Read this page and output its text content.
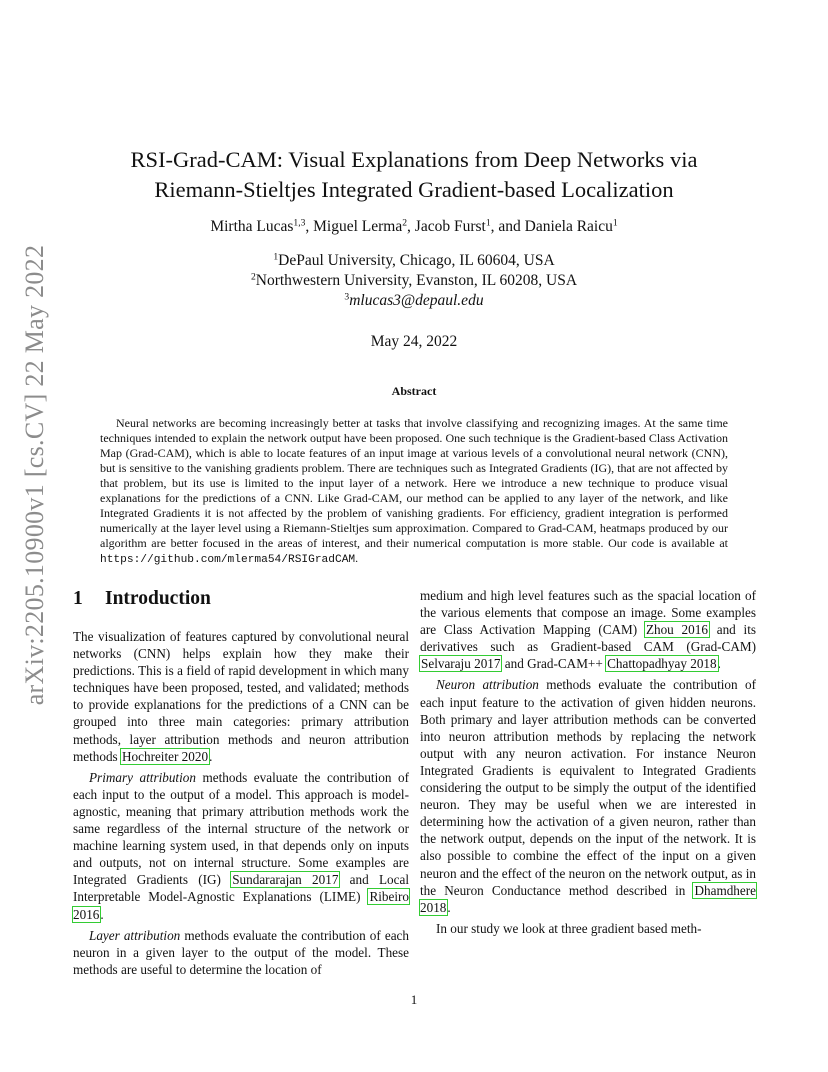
arXiv:2205.10900v1 [cs.CV] 22 May 2022
RSI-Grad-CAM: Visual Explanations from Deep Networks via
Riemann-Stieltjes Integrated Gradient-based Localization
Mirtha Lucas$^{1,3}$, Miguel Lerma$^2$, Jacob Furst$^1$, and Daniela Raicu$^1$
$^1$DePaul University, Chicago, IL 60604, USA
$^2$Northwestern University, Evanston, IL 60208, USA
$^3$mlucas3@depaul.edu
May 24, 2022
Abstract
Neural networks are becoming increasingly better at tasks that involve classifying and recognizing images. At the same time techniques intended to explain the network output have been proposed. One such technique is the Gradient-based Class Activation Map (Grad-CAM), which is able to locate features of an input image at various levels of a convolutional neural network (CNN), but is sensitive to the vanishing gradients problem. There are techniques such as Integrated Gradients (IG), that are not affected by that problem, but its use is limited to the input layer of a network. Here we introduce a new technique to produce visual explanations for the predictions of a CNN. Like Grad-CAM, our method can be applied to any layer of the network, and like Integrated Gradients it is not affected by the problem of vanishing gradients. For efficiency, gradient integration is performed numerically at the layer level using a Riemann-Stieltjes sum approximation. Compared to Grad-CAM, heatmaps produced by our algorithm are better focused in the areas of interest, and their numerical computation is more stable. Our code is available at https://github.com/mlerma54/RSIGradCAM.
1 Introduction

The visualization of features captured by convolutional neural networks (CNN) helps explain how they make their predictions. This is a field of rapid development in which many techniques have been proposed, tested, and validated; methods to provide explanations for the predictions of a CNN can be grouped into three main categories: primary attribution methods, layer attribution methods and neuron attribution methods Hochreiter 2020.

Primary attribution methods evaluate the contribution of each input to the output of a model. This approach is model-agnostic, meaning that primary attribution methods work the same regardless of the internal structure of the network or machine learning system used, in that depends only on inputs and outputs, not on internal structure. Some examples are Integrated Gradients (IG) Sundararajan 2017 and Local Interpretable Model-Agnostic Explanations (LIME) Ribeiro 2016.

Layer attribution methods evaluate the contribution of each neuron in a given layer to the output of the model. These methods are useful to determine the location of

medium and high level features such as the spacial location of the various elements that compose an image. Some examples are Class Activation Mapping (CAM) Zhou 2016 and its derivatives such as Gradient-based CAM (Grad-CAM) Selvaraju 2017 and Grad-CAM++ Chattopadhyay 2018.

Neuron attribution methods evaluate the contribution of each input feature to the activation of given hidden neurons. Both primary and layer attribution methods can be converted into neuron attribution methods by replacing the network output with any neuron activation. For instance Neuron Integrated Gradients is equivalent to Integrated Gradients considering the output to be simply the output of the identified neuron. They may be useful when we are interested in determining how the activation of a given neuron, rather than the network output, depends on the input of the network. It is also possible to combine the effect of the input on a given neuron and the effect of the neuron on the network output, as in the Neuron Conductance method described in Dhamdhere 2018.

In our study we look at three gradient based meth-

1
